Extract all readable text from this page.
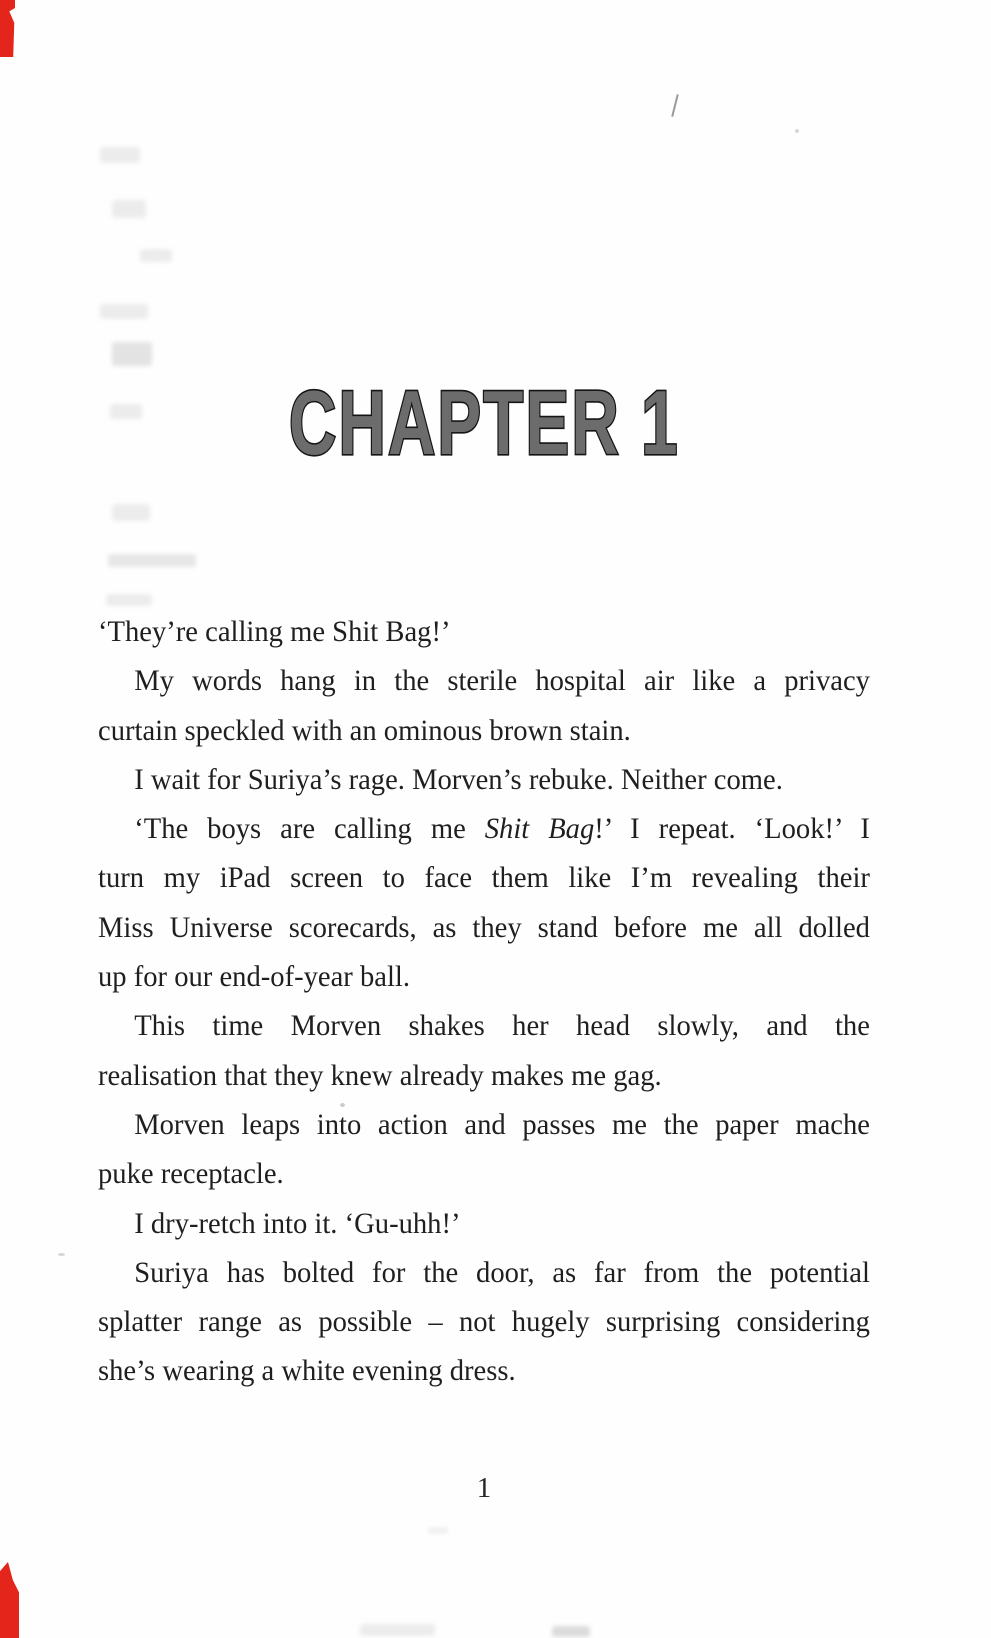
CHAPTER 1
‘They’re calling me Shit Bag!’
My words hang in the sterile hospital air like a privacy
curtain speckled with an ominous brown stain.
I wait for Suriya’s rage. Morven’s rebuke. Neither come.
‘The boys are calling me Shit Bag!’ I repeat. ‘Look!’ I
turn my iPad screen to face them like I’m revealing their
Miss Universe scorecards, as they stand before me all dolled
up for our end-of-year ball.
This time Morven shakes her head slowly, and the
realisation that they knew already makes me gag.
Morven leaps into action and passes me the paper mache
puke receptacle.
I dry-retch into it. ‘Gu-uhh!’
Suriya has bolted for the door, as far from the potential
splatter range as possible – not hugely surprising considering
she’s wearing a white evening dress.
1
